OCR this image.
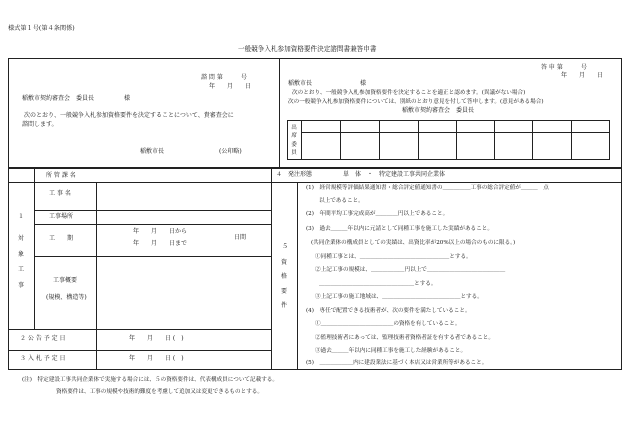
様式第１号(第４条関係)
一般競争入札参加資格要件決定諮問書兼答申書
諮 問 第　　　号
年　　月　　日
稲敷市契約審査会　委員長　　　　　様
次のとおり、一般競争入札参加資格要件を決定することについて、貴審査会に
諮問します。
稲敷市長	(公印略)
答 申 第　　　号
年　　月　　日
稲敷市長　　　　　　　　様
次のとおり、一般競争入札参加資格要件を決定することを適正と認めます。(異議がない場合)
次の一般競争入札参加資格要件については、別紙のとおり意見を付して答申します。(意見がある場合)
稲敷市契約審査会　委員長
出席委員
所 管 課 名
１
対象工事
工 事 名
工事場所
工　　期
年　　月　　日から
年　　月　　日まで
日間
工事概要
(規模、構造等)
２ 公 告 予 定 日	年　　月　　日 (　)
３ 入 札 予 定 日	年　　月　　日 (　)
４　発注形態	単　体　・　特定建設工事共同企業体
５
資格要件
(1)　経営規模等評価結果通知書・総合評定値通知書の＿＿＿＿＿工事の総合評定値が＿＿＿　点
以上であること。
(2)　年間平均工事完成高が＿＿＿＿円以上であること。
(3)　過去＿＿＿年以内に元請として同種工事を施工した実績があること。
(共同企業体の構成員としての実績は、出資比率が20%以上の場合のものに限る。)
①同種工事とは、＿＿＿＿＿＿＿＿＿＿＿＿＿＿＿＿とする。
②上記工事の規模は、＿＿＿＿＿＿円以上で＿＿＿＿＿＿＿＿＿＿＿＿＿＿
＿＿＿＿＿＿＿＿＿＿＿＿＿＿＿＿＿とする。
③上記工事の施工地域は、＿＿＿＿＿＿＿＿＿＿＿＿＿＿とする。
(4)　専任で配置できる技術者が、次の要件を満たしていること。
①＿＿＿＿＿＿＿＿＿＿＿＿＿の資格を有していること。
②監理技術者にあっては、監理技術者資格者証を有する者であること。
③過去＿＿＿年以内に同種工事を施工した経験があること。
(5)　＿＿＿＿＿＿内に建設業法に基づく本店又は営業所等があること。
(注)　特定建設工事共同企業体で実施する場合には、５の資格要件は、代表構成員について記載する。
資格要件は、工事の規模や技術的難度を考慮して追加又は変更できるものとする。
